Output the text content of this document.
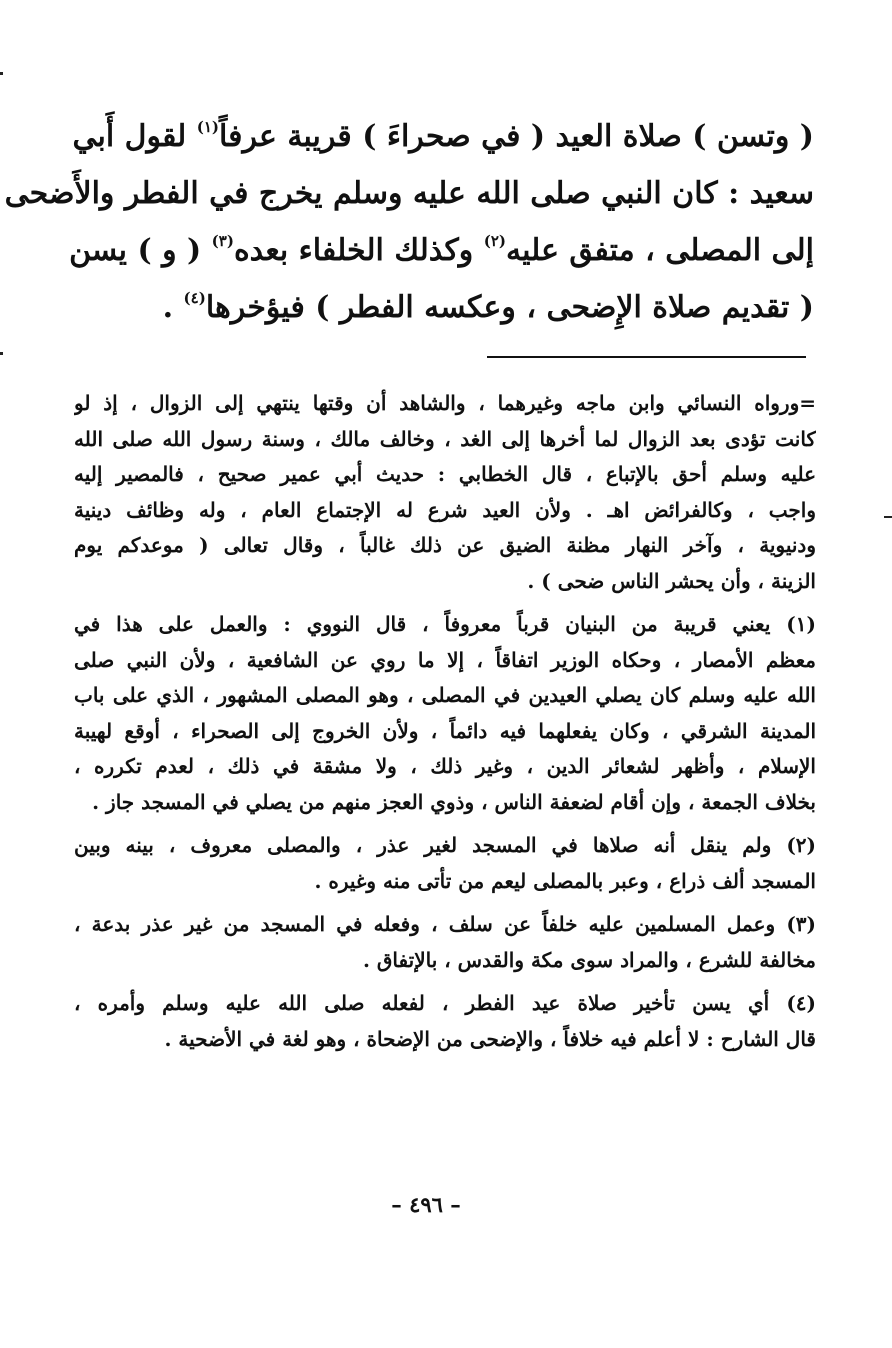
( وتسن ) صلاة العيد ( في صحراءَ ) قريبة عرفاً$^{(١)}$ لقول أَبي
سعيد : كان النبي صلى الله عليه وسلم يخرج في الفطر والأَضحى
إلى المصلى ، متفق عليه$^{(٢)}$ وكذلك الخلفاء بعده$^{(٣)}$ ( و ) يسن
( تقديم صلاة الإِضحى ، وعكسه الفطر ) فيؤخرها$^{(٤)}$ .
=ورواه النسائي وابن ماجه وغيرهما ، والشاهد أن وقتها ينتهي إلى الزوال ، إذ لو
كانت تؤدى بعد الزوال لما أخرها إلى الغد ، وخالف مالك ، وسنة رسول الله صلى الله
عليه وسلم أحق بالإتباع ، قال الخطابي : حديث أبي عمير صحيح ، فالمصير إليه
واجب ، وكالفرائض اهـ . ولأن العيد شرع له الإجتماع العام ، وله وظائف دينية
ودنيوية ، وآخر النهار مظنة الضيق عن ذلك غالباً ، وقال تعالى ( موعدكم يوم
الزينة ، وأن يحشر الناس ضحى ) .
(١) يعني قريبة من البنيان قرباً معروفاً ، قال النووي : والعمل على هذا في
معظم الأمصار ، وحكاه الوزير اتفاقاً ، إلا ما روي عن الشافعية ، ولأن النبي صلى
الله عليه وسلم كان يصلي العيدين في المصلى ، وهو المصلى المشهور ، الذي على باب
المدينة الشرقي ، وكان يفعلهما فيه دائماً ، ولأن الخروج إلى الصحراء ، أوقع لهيبة
الإسلام ، وأظهر لشعائر الدين ، وغير ذلك ، ولا مشقة في ذلك ، لعدم تكرره ،
بخلاف الجمعة ، وإن أقام لضعفة الناس ، وذوي العجز منهم من يصلي في المسجد جاز .
(٢) ولم ينقل أنه صلاها في المسجد لغير عذر ، والمصلى معروف ، بينه وبين
المسجد ألف ذراع ، وعبر بالمصلى ليعم من تأتى منه وغيره .
(٣) وعمل المسلمين عليه خلفاً عن سلف ، وفعله في المسجد من غير عذر بدعة ،
مخالفة للشرع ، والمراد سوى مكة والقدس ، بالإتفاق .
(٤) أي يسن تأخير صلاة عيد الفطر ، لفعله صلى الله عليه وسلم وأمره ،
قال الشارح : لا أعلم فيه خلافاً ، والإضحى من الإضحاة ، وهو لغة في الأضحية .
– ٤٩٦ –
